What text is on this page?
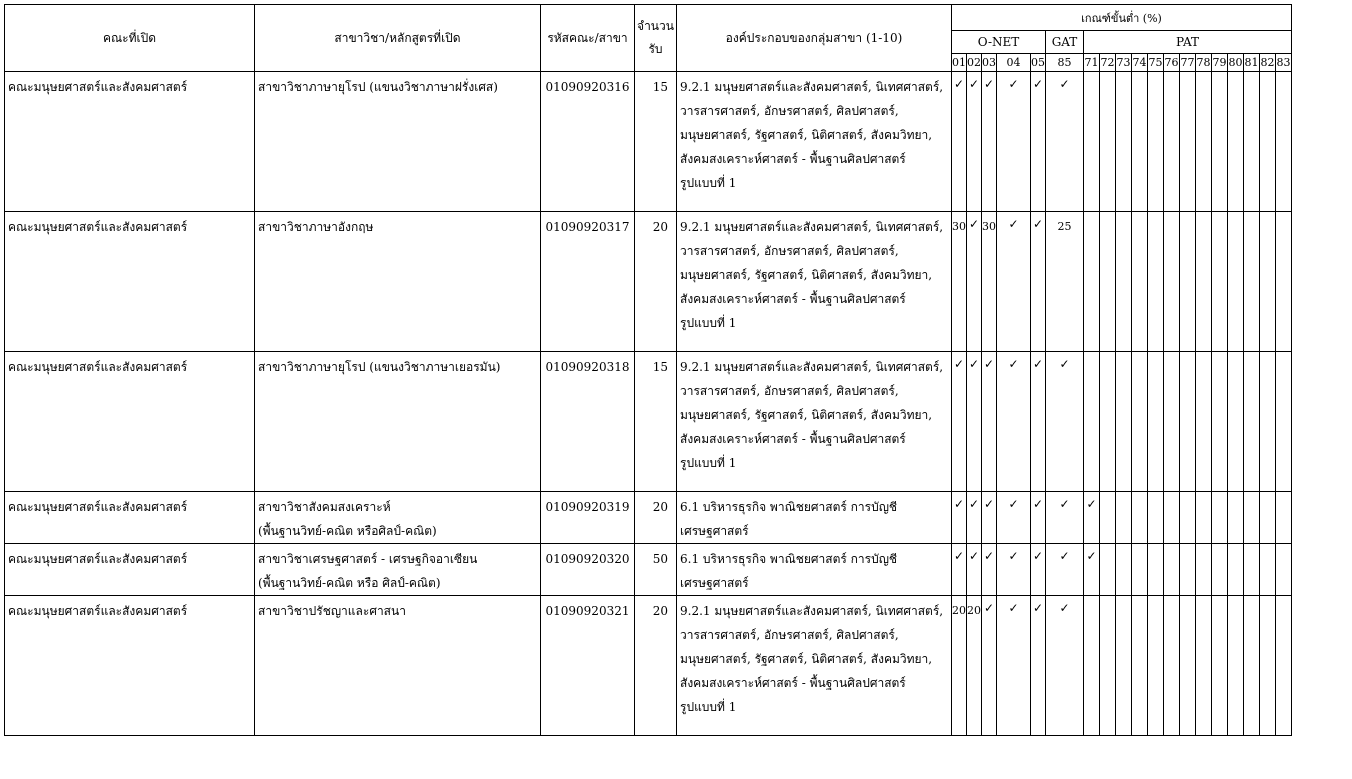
คณะที่เปิด	สาขาวิชา/หลักสูตรที่เปิด	รหัสคณะ/สาขา	จำนวน
รับ	องค์ประกอบของกลุ่มสาขา (1-10)	เกณฑ์ขั้นต่ำ (%)																		
					O-NET					GAT	PAT												
					01	02	03	04	05	85	71	72	73	74	75	76	77	78	79	80	81	82	83
คณะมนุษยศาสตร์และสังคมศาสตร์	สาขาวิชาภาษายุโรป (แขนงวิชาภาษาฝรั่งเศส)	01090920316	15	9.2.1 มนุษยศาสตร์และสังคมศาสตร์, นิเทศศาสตร์,
วารสารศาสตร์, อักษรศาสตร์, ศิลปศาสตร์,
มนุษยศาสตร์, รัฐศาสตร์, นิติศาสตร์, สังคมวิทยา,
สังคมสงเคราะห์ศาสตร์ - พื้นฐานศิลปศาสตร์
รูปแบบที่ 1	✓	✓	✓	✓	✓	✓													
คณะมนุษยศาสตร์และสังคมศาสตร์	สาขาวิชาภาษาอังกฤษ	01090920317	20	9.2.1 มนุษยศาสตร์และสังคมศาสตร์, นิเทศศาสตร์,
วารสารศาสตร์, อักษรศาสตร์, ศิลปศาสตร์,
มนุษยศาสตร์, รัฐศาสตร์, นิติศาสตร์, สังคมวิทยา,
สังคมสงเคราะห์ศาสตร์ - พื้นฐานศิลปศาสตร์
รูปแบบที่ 1	30	✓	30	✓	✓	25													
คณะมนุษยศาสตร์และสังคมศาสตร์	สาขาวิชาภาษายุโรป (แขนงวิชาภาษาเยอรมัน)	01090920318	15	9.2.1 มนุษยศาสตร์และสังคมศาสตร์, นิเทศศาสตร์,
วารสารศาสตร์, อักษรศาสตร์, ศิลปศาสตร์,
มนุษยศาสตร์, รัฐศาสตร์, นิติศาสตร์, สังคมวิทยา,
สังคมสงเคราะห์ศาสตร์ - พื้นฐานศิลปศาสตร์
รูปแบบที่ 1	✓	✓	✓	✓	✓	✓													
คณะมนุษยศาสตร์และสังคมศาสตร์	สาขาวิชาสังคมสงเคราะห์
(พื้นฐานวิทย์-คณิต หรือศิลป์-คณิต)	01090920319	20	6.1 บริหารธุรกิจ พาณิชยศาสตร์ การบัญชี
เศรษฐศาสตร์	✓	✓	✓	✓	✓	✓	✓												
คณะมนุษยศาสตร์และสังคมศาสตร์	สาขาวิชาเศรษฐศาสตร์ - เศรษฐกิจอาเซียน
(พื้นฐานวิทย์-คณิต หรือ ศิลป์-คณิต)	01090920320	50	6.1 บริหารธุรกิจ พาณิชยศาสตร์ การบัญชี
เศรษฐศาสตร์	✓	✓	✓	✓	✓	✓	✓												
คณะมนุษยศาสตร์และสังคมศาสตร์	สาขาวิชาปรัชญาและศาสนา	01090920321	20	9.2.1 มนุษยศาสตร์และสังคมศาสตร์, นิเทศศาสตร์,
วารสารศาสตร์, อักษรศาสตร์, ศิลปศาสตร์,
มนุษยศาสตร์, รัฐศาสตร์, นิติศาสตร์, สังคมวิทยา,
สังคมสงเคราะห์ศาสตร์ - พื้นฐานศิลปศาสตร์
รูปแบบที่ 1	20	20	✓	✓	✓	✓													
